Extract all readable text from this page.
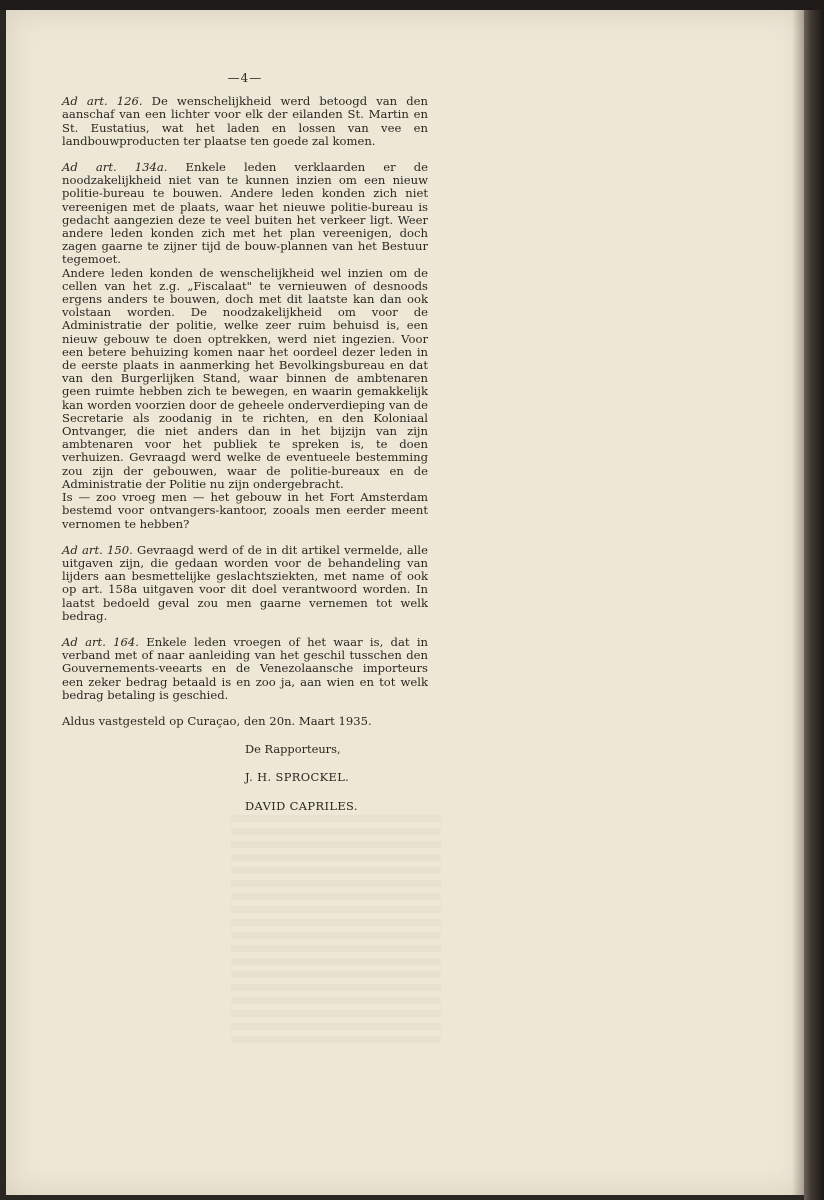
—4—

Ad art. 126. De wenschelijkheid werd betoogd van den aanschaf van een lichter voor elk der eilanden St. Martin en St. Eustatius, wat het laden en lossen van vee en landbouwproducten ter plaatse ten goede zal komen.

Ad art. 134a. Enkele leden verklaarden er de noodzakelijkheid niet van te kunnen inzien om een nieuw politie-bureau te bouwen. Andere leden konden zich niet vereenigen met de plaats, waar het nieuwe politie-bureau is gedacht aangezien deze te veel buiten het verkeer ligt. Weer andere leden konden zich met het plan vereenigen, doch zagen gaarne te zijner tijd de bouw-plannen van het Bestuur tegemoet.

Andere leden konden de wenschelijkheid wel inzien om de cellen van het z.g. „Fiscalaat" te vernieuwen of desnoods ergens anders te bouwen, doch met dit laatste kan dan ook volstaan worden. De noodzakelijkheid om voor de Administratie der politie, welke zeer ruim behuisd is, een nieuw gebouw te doen optrekken, werd niet ingezien. Voor een betere behuizing komen naar het oordeel dezer leden in de eerste plaats in aanmerking het Bevolkingsbureau en dat van den Burgerlijken Stand, waar binnen de ambtenaren geen ruimte hebben zich te bewegen, en waarin gemakkelijk kan worden voorzien door de geheele onderverdieping van de Secretarie als zoodanig in te richten, en den Koloniaal Ontvanger, die niet anders dan in het bijzijn van zijn ambtenaren voor het publiek te spreken is, te doen verhuizen. Gevraagd werd welke de eventueele bestemming zou zijn der gebouwen, waar de politie-bureaux en de Administratie der Politie nu zijn ondergebracht.

Is — zoo vroeg men — het gebouw in het Fort Amsterdam bestemd voor ontvangers-kantoor, zooals men eerder meent vernomen te hebben?

Ad art. 150. Gevraagd werd of de in dit artikel vermelde, alle uitgaven zijn, die gedaan worden voor de behandeling van lijders aan besmettelijke geslachtsziekten, met name of ook op art. 158a uitgaven voor dit doel verantwoord worden. In laatst bedoeld geval zou men gaarne vernemen tot welk bedrag.

Ad art. 164. Enkele leden vroegen of het waar is, dat in verband met of naar aanleiding van het geschil tusschen den Gouvernements-veearts en de Venezolaansche importeurs een zeker bedrag betaald is en zoo ja, aan wien en tot welk bedrag betaling is geschied.

Aldus vastgesteld op Curaçao, den 20n. Maart 1935.

De Rapporteurs,
J. H. SPROCKEL.
DAVID CAPRILES.
